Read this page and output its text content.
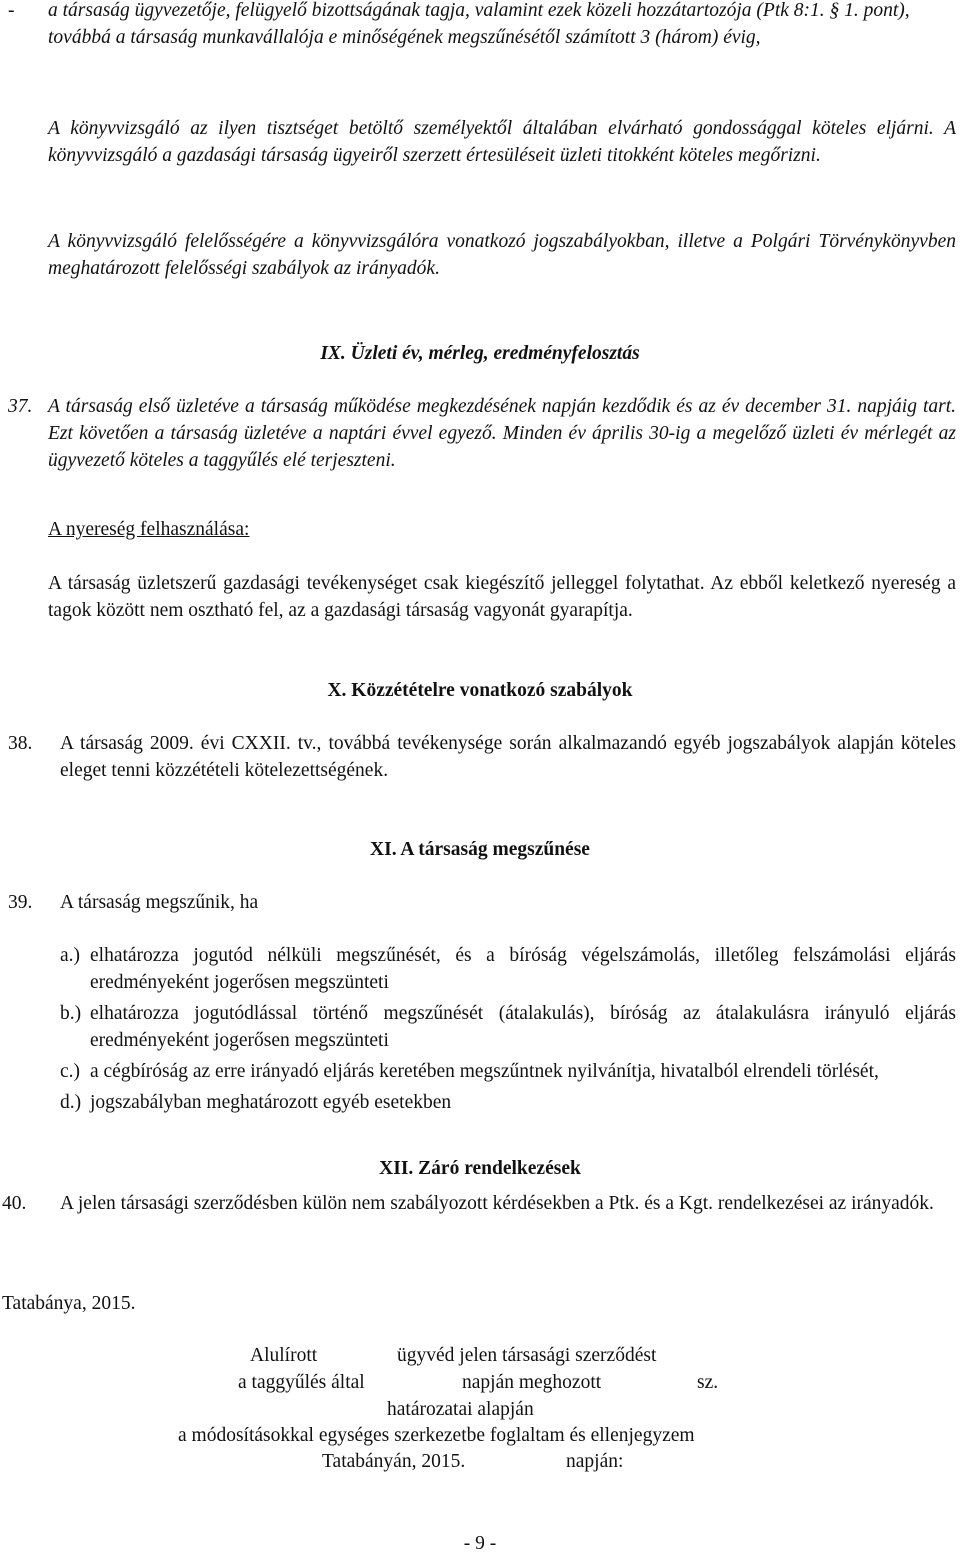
- a társaság ügyvezetője, felügyelő bizottságának tagja, valamint ezek közeli hozzátartozója (Ptk 8:1. § 1. pont), továbbá a társaság munkavállalója e minőségének megszűnésétől számított 3 (három) évig,
A könyvvizsgáló az ilyen tisztséget betöltő személyektől általában elvárható gondossággal köteles eljárni. A könyvvizsgáló a gazdasági társaság ügyeiről szerzett értesüléseit üzleti titokként köteles megőrizni.
A könyvvizsgáló felelősségére a könyvvizsgálóra vonatkozó jogszabályokban, illetve a Polgári Törvénykönyvben meghatározott felelősségi szabályok az irányadók.
IX. Üzleti év, mérleg, eredményfelosztás
37. A társaság első üzletéve a társaság működése megkezdésének napján kezdődik és az év december 31. napjáig tart. Ezt követően a társaság üzletéve a naptári évvel egyező. Minden év április 30-ig a megelőző üzleti év mérlegét az ügyvezető köteles a taggyűlés elé terjeszteni.
A nyereség felhasználása:
A társaság üzletszerű gazdasági tevékenységet csak kiegészítő jelleggel folytathat. Az ebből keletkező nyereség a tagok között nem osztható fel, az a gazdasági társaság vagyonát gyarapítja.
X. Közzétételre vonatkozó szabályok
38. A társaság 2009. évi CXXII. tv., továbbá tevékenysége során alkalmazandó egyéb jogszabályok alapján köteles eleget tenni közzétételi kötelezettségének.
XI. A társaság megszűnése
39. A társaság megszűnik, ha
a.) elhatározza jogutód nélküli megszűnését, és a bíróság végelszámolás, illetőleg felszámolási eljárás eredményeként jogerősen megszünteti
b.) elhatározza jogutódlással történő megszűnését (átalakulás), bíróság az átalakulásra irányuló eljárás eredményeként jogerősen megszünteti
c.) a cégbíróság az erre irányadó eljárás keretében megszűntnek nyilvánítja, hivatalból elrendeli törlését,
d.) jogszabályban meghatározott egyéb esetekben
XII. Záró rendelkezések
40. A jelen társasági szerződésben külön nem szabályozott kérdésekben a Ptk. és a Kgt. rendelkezései az irányadók.
Tatabánya, 2015.
Alulírott	ügyvéd jelen társasági szerződést
a taggyűlés által	napján meghozott	sz.
határozatai alapján
a módosításokkal egységes szerkezetbe foglaltam és ellenjegyzem
Tatabányán, 2015.	napján:
- 9 -
